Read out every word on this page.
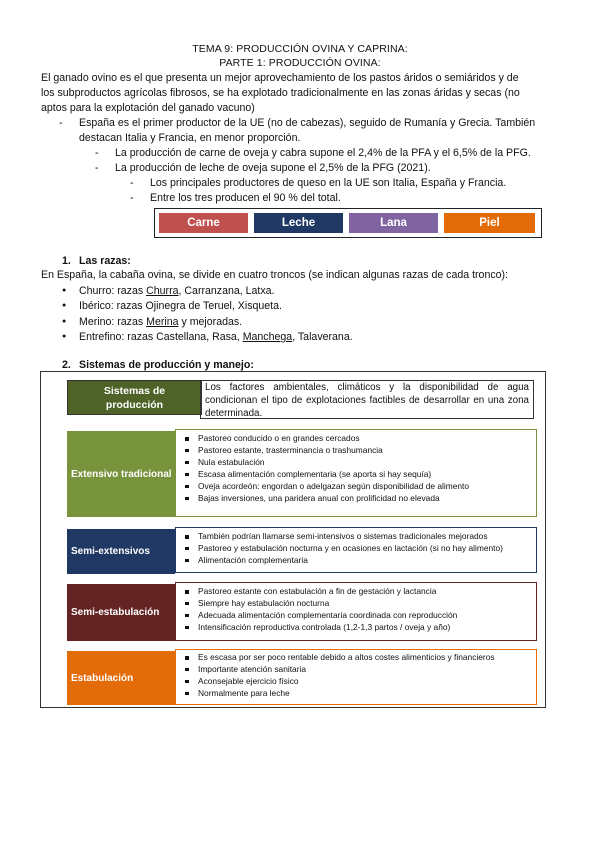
TEMA 9: PRODUCCIÓN OVINA Y CAPRINA:
PARTE 1: PRODUCCIÓN OVINA:
El ganado ovino es el que presenta un mejor aprovechamiento de los pastos áridos o semiáridos y de
los subproductos agrícolas fibrosos, se ha explotado tradicionalmente en las zonas áridas y secas (no
aptos para la explotación del ganado vacuno)
- España es el primer productor de la UE (no de cabezas), seguido de Rumanía y Grecia. También
destacan Italia y Francia, en menor proporción.
- La producción de carne de oveja y cabra supone el 2,4% de la PFA y el 6,5% de la PFG.
- La producción de leche de oveja supone el 2,5% de la PFG (2021).
- Los principales productores de queso en la UE son Italia, España y Francia.
- Entre los tres producen el 90 % del total.
Carne	Leche	Lana	Piel
1. Las razas:
En España, la cabaña ovina, se divide en cuatro troncos (se indican algunas razas de cada tronco):
● Churro: razas Churra, Carranzana, Latxa.
● Ibérico: razas Ojinegra de Teruel, Xisqueta.
● Merino: razas Merina y mejoradas.
● Entrefino: razas Castellana, Rasa, Manchega, Talaverana.
2. Sistemas de producción y manejo:
Sistemas de producción
Los factores ambientales, climáticos y la disponibilidad de agua condicionan el tipo de explotaciones factibles de desarrollar en una zona determinada.
Extensivo tradicional
Pastoreo conducido o en grandes cercados
Pastoreo estante, trasterminancia o trashumancia
Nula estabulación
Escasa alimentación complementaria (se aporta si hay sequía)
Oveja acordeón: engordan o adelgazan según disponibilidad de alimento
Bajas inversiones, una paridera anual con prolificidad no elevada
Semi-extensivos
También podrían llamarse semi-intensivos o sistemas tradicionales mejorados
Pastoreo y estabulación nocturna y en ocasiones en lactación (si no hay alimento)
Alimentación complementaria
Semi-estabulación
Pastoreo estante con estabulación a fin de gestación y lactancia
Siempre hay estabulación nocturna
Adecuada alimentación complementaria coordinada con reproducción
Intensificación reproductiva controlada (1,2-1,3 partos / oveja y año)
Estabulación
Es escasa por ser poco rentable debido a altos costes alimenticios y financieros
Importante atención sanitaria
Aconsejable ejercicio físico
Normalmente para leche
